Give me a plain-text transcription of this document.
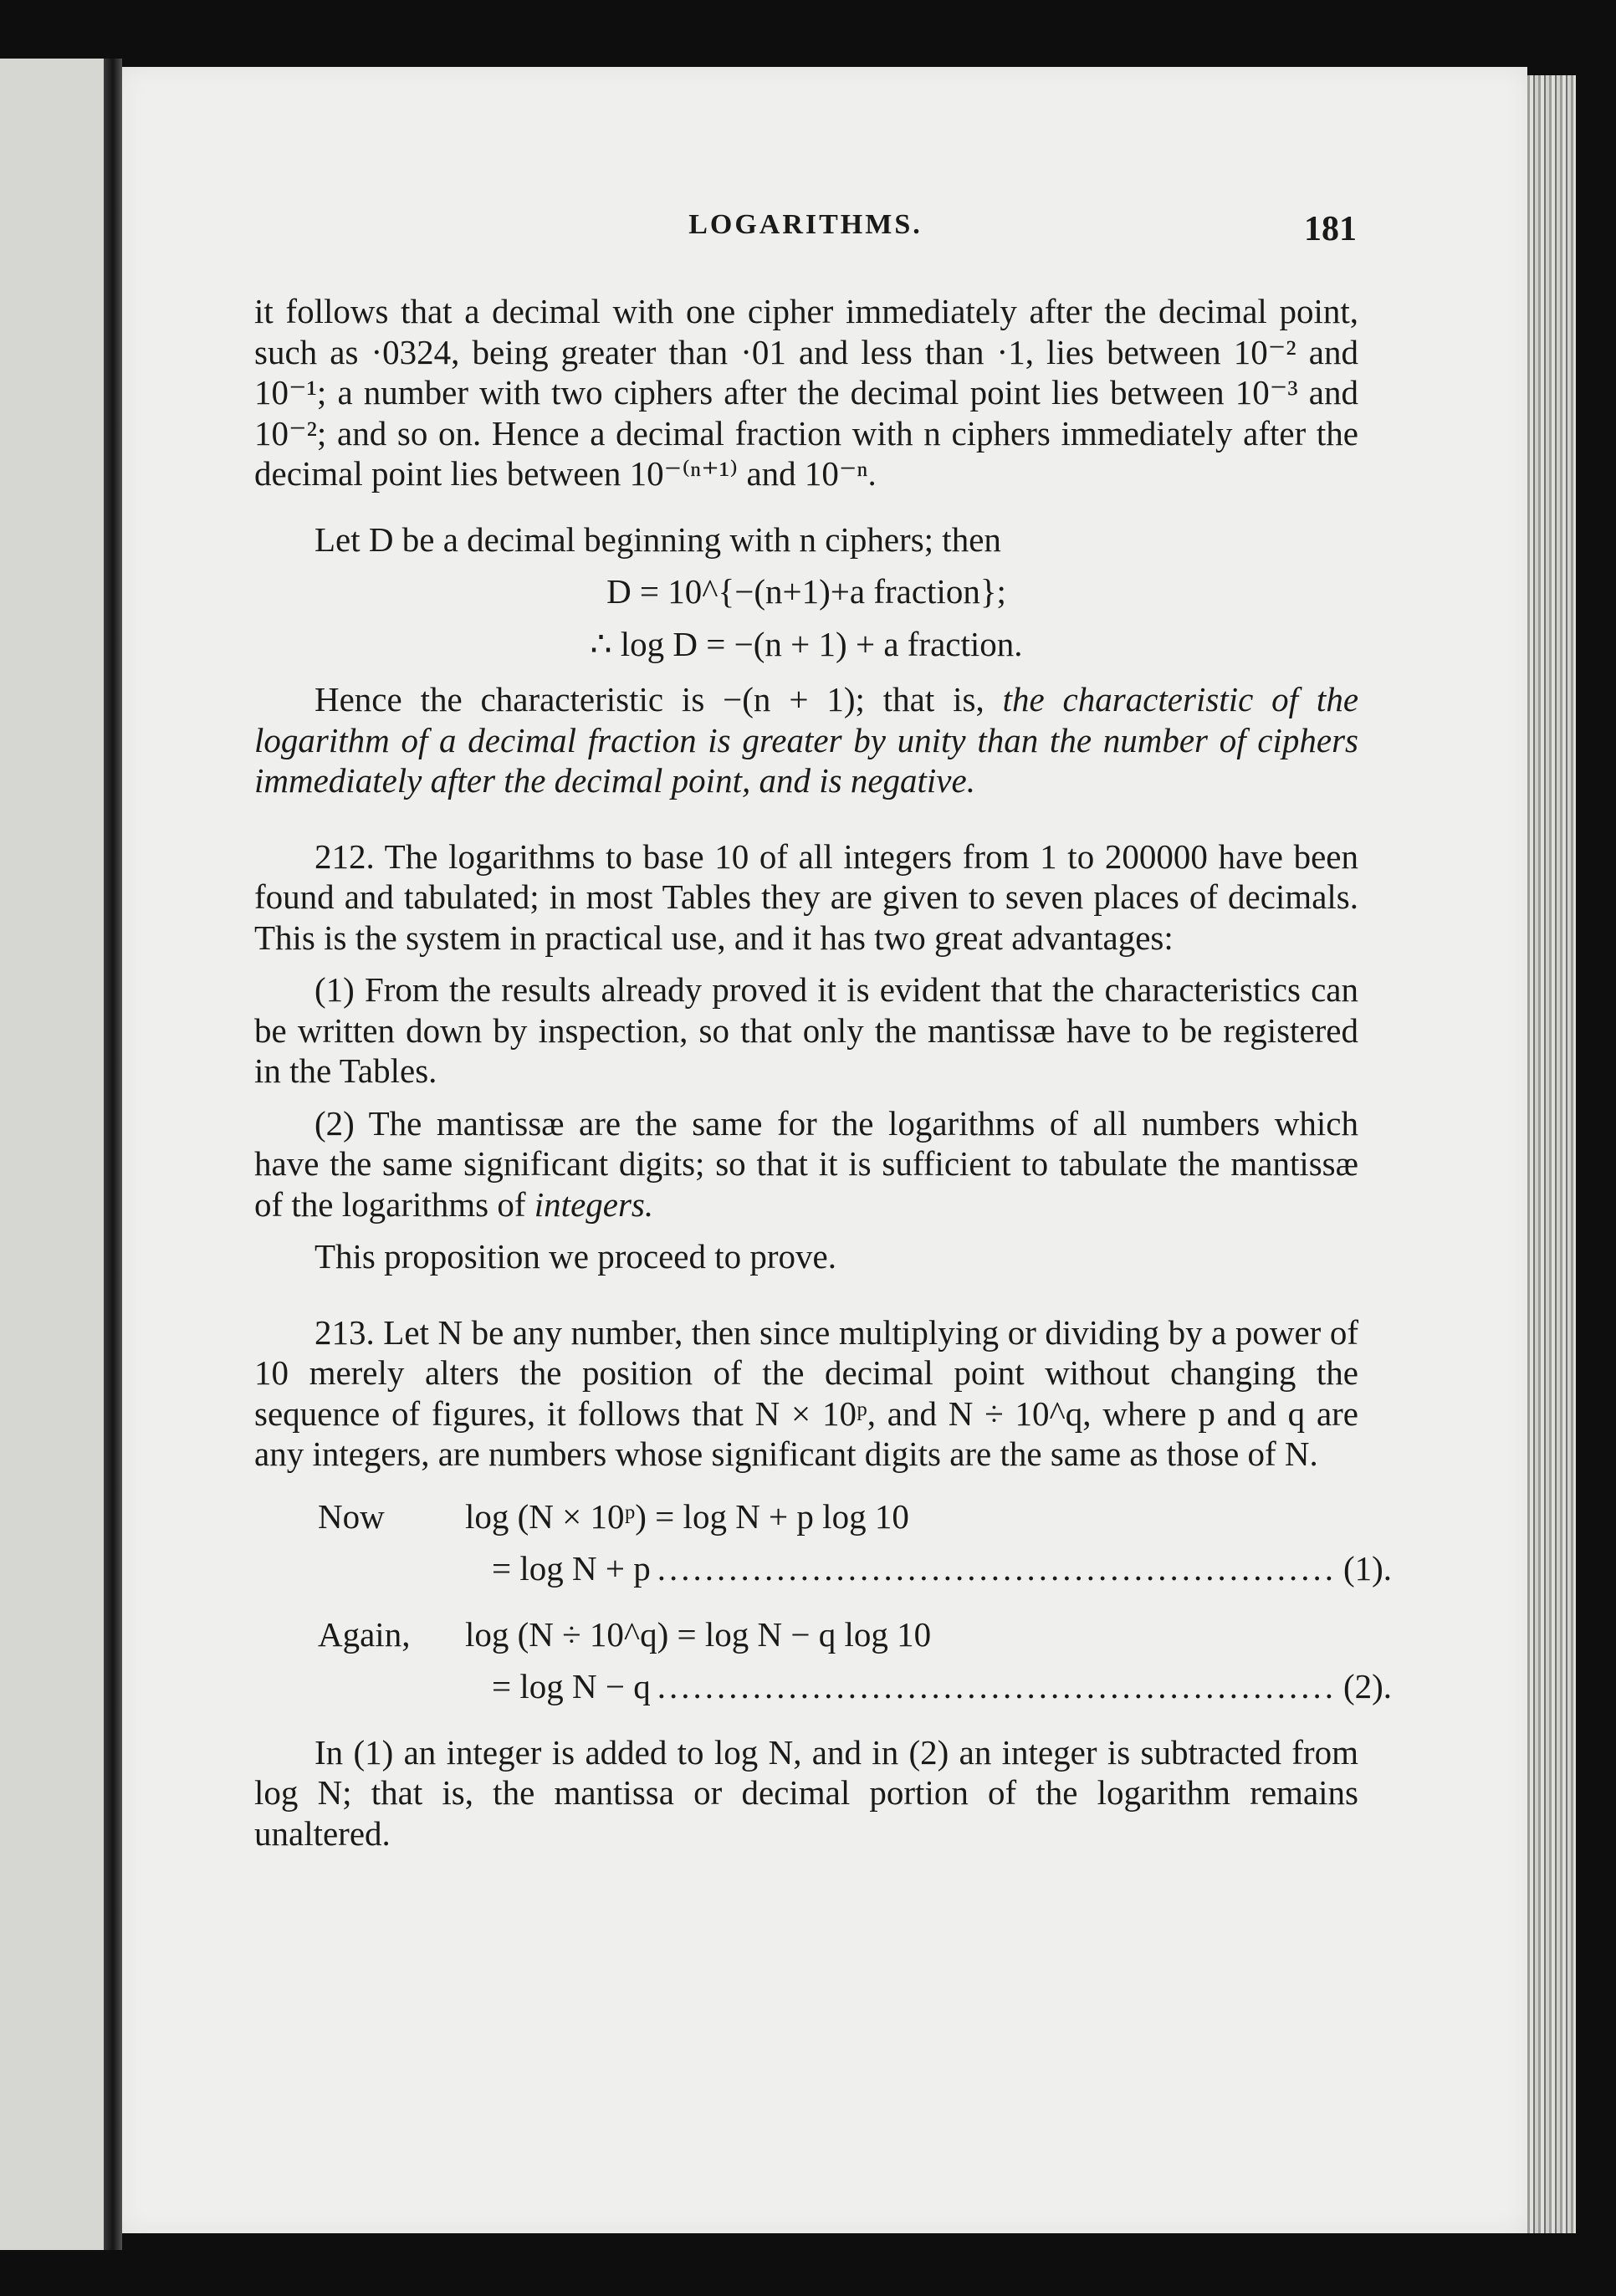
LOGARITHMS.	181

it follows that a decimal with one cipher immediately after the decimal point, such as ·0324, being greater than ·01 and less than ·1, lies between 10⁻² and 10⁻¹; a number with two ciphers after the decimal point lies between 10⁻³ and 10⁻²; and so on. Hence a decimal fraction with n ciphers immediately after the decimal point lies between 10⁻⁽ⁿ⁺¹⁾ and 10⁻ⁿ.

Let D be a decimal beginning with n ciphers; then

D = 10^{−(n+1)+a fraction};

∴ log D = −(n + 1) + a fraction.

Hence the characteristic is −(n + 1); that is, the characteristic of the logarithm of a decimal fraction is greater by unity than the number of ciphers immediately after the decimal point, and is negative.

212. The logarithms to base 10 of all integers from 1 to 200000 have been found and tabulated; in most Tables they are given to seven places of decimals. This is the system in practical use, and it has two great advantages:

(1) From the results already proved it is evident that the characteristics can be written down by inspection, so that only the mantissæ have to be registered in the Tables.

(2) The mantissæ are the same for the logarithms of all numbers which have the same significant digits; so that it is sufficient to tabulate the mantissæ of the logarithms of integers.

This proposition we proceed to prove.

213. Let N be any number, then since multiplying or dividing by a power of 10 merely alters the position of the decimal point without changing the sequence of figures, it follows that N × 10ᵖ, and N ÷ 10^q, where p and q are any integers, are numbers whose significant digits are the same as those of N.

Now	log (N × 10ᵖ) = log N + p log 10
= log N + p ......................................................... (1).
Again,	log (N ÷ 10^q) = log N − q log 10
= log N − q ......................................................... (2).

In (1) an integer is added to log N, and in (2) an integer is subtracted from log N; that is, the mantissa or decimal portion of the logarithm remains unaltered.
